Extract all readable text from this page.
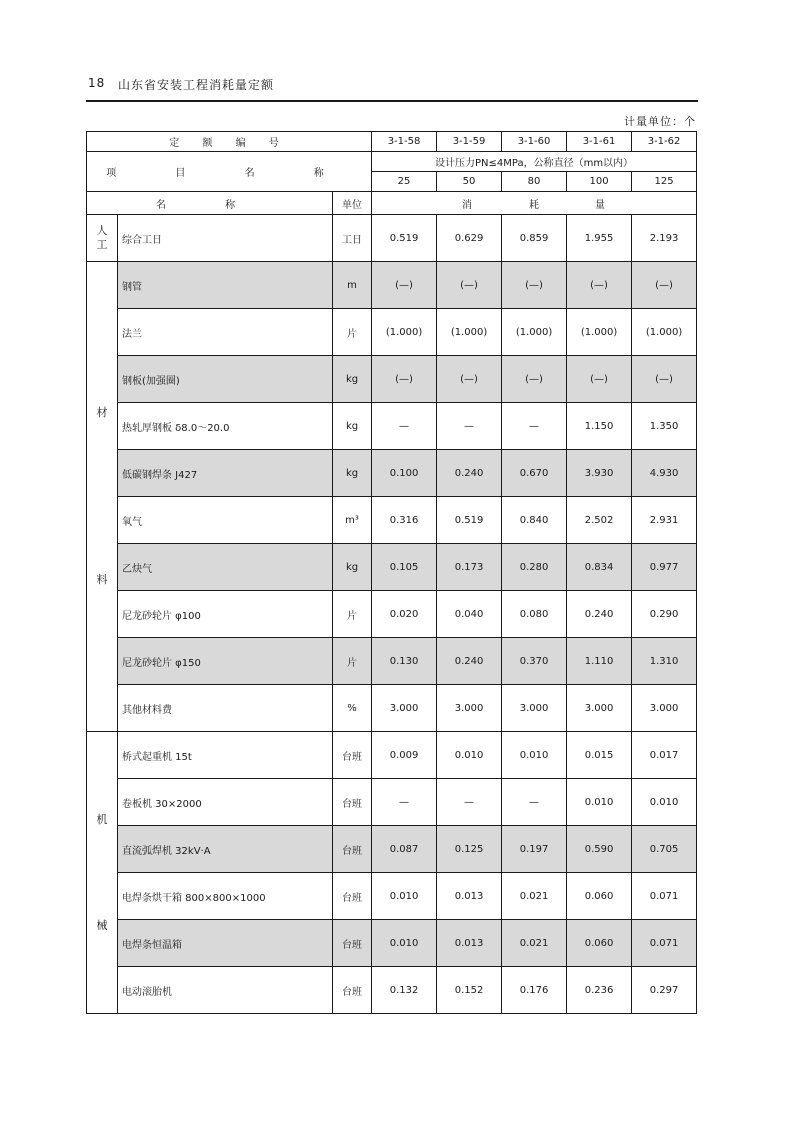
18 山东省安装工程消耗量定额
计量单位：个
定 额 编 号			3-1-58	3-1-59	3-1-60	3-1-61	3-1-62
项 目 名 称			设计压力PN≤4MPa，公称直径（mm以内）				
			25	50	80	100	125
名 称		单位	消 耗 量				

人
工	综合工日	工日	0.519	0.629	0.859	1.955	2.193

材
料	钢管	m	(—)	(—)	(—)	(—)	(—)
	法兰	片	(1.000)	(1.000)	(1.000)	(1.000)	(1.000)
	钢板(加强圈)	kg	(—)	(—)	(—)	(—)	(—)
	热轧厚钢板 δ8.0～20.0	kg	—	—	—	1.150	1.350
	低碳钢焊条 J427	kg	0.100	0.240	0.670	3.930	4.930
	氧气	m³	0.316	0.519	0.840	2.502	2.931
	乙炔气	kg	0.105	0.173	0.280	0.834	0.977
	尼龙砂轮片 φ100	片	0.020	0.040	0.080	0.240	0.290
	尼龙砂轮片 φ150	片	0.130	0.240	0.370	1.110	1.310
	其他材料费	%	3.000	3.000	3.000	3.000	3.000

机
械	桥式起重机 15t	台班	0.009	0.010	0.010	0.015	0.017
	卷板机 30×2000	台班	—	—	—	0.010	0.010
	直流弧焊机 32kV·A	台班	0.087	0.125	0.197	0.590	0.705
	电焊条烘干箱 800×800×1000	台班	0.010	0.013	0.021	0.060	0.071
	电焊条恒温箱	台班	0.010	0.013	0.021	0.060	0.071
	电动滚胎机	台班	0.132	0.152	0.176	0.236	0.297
